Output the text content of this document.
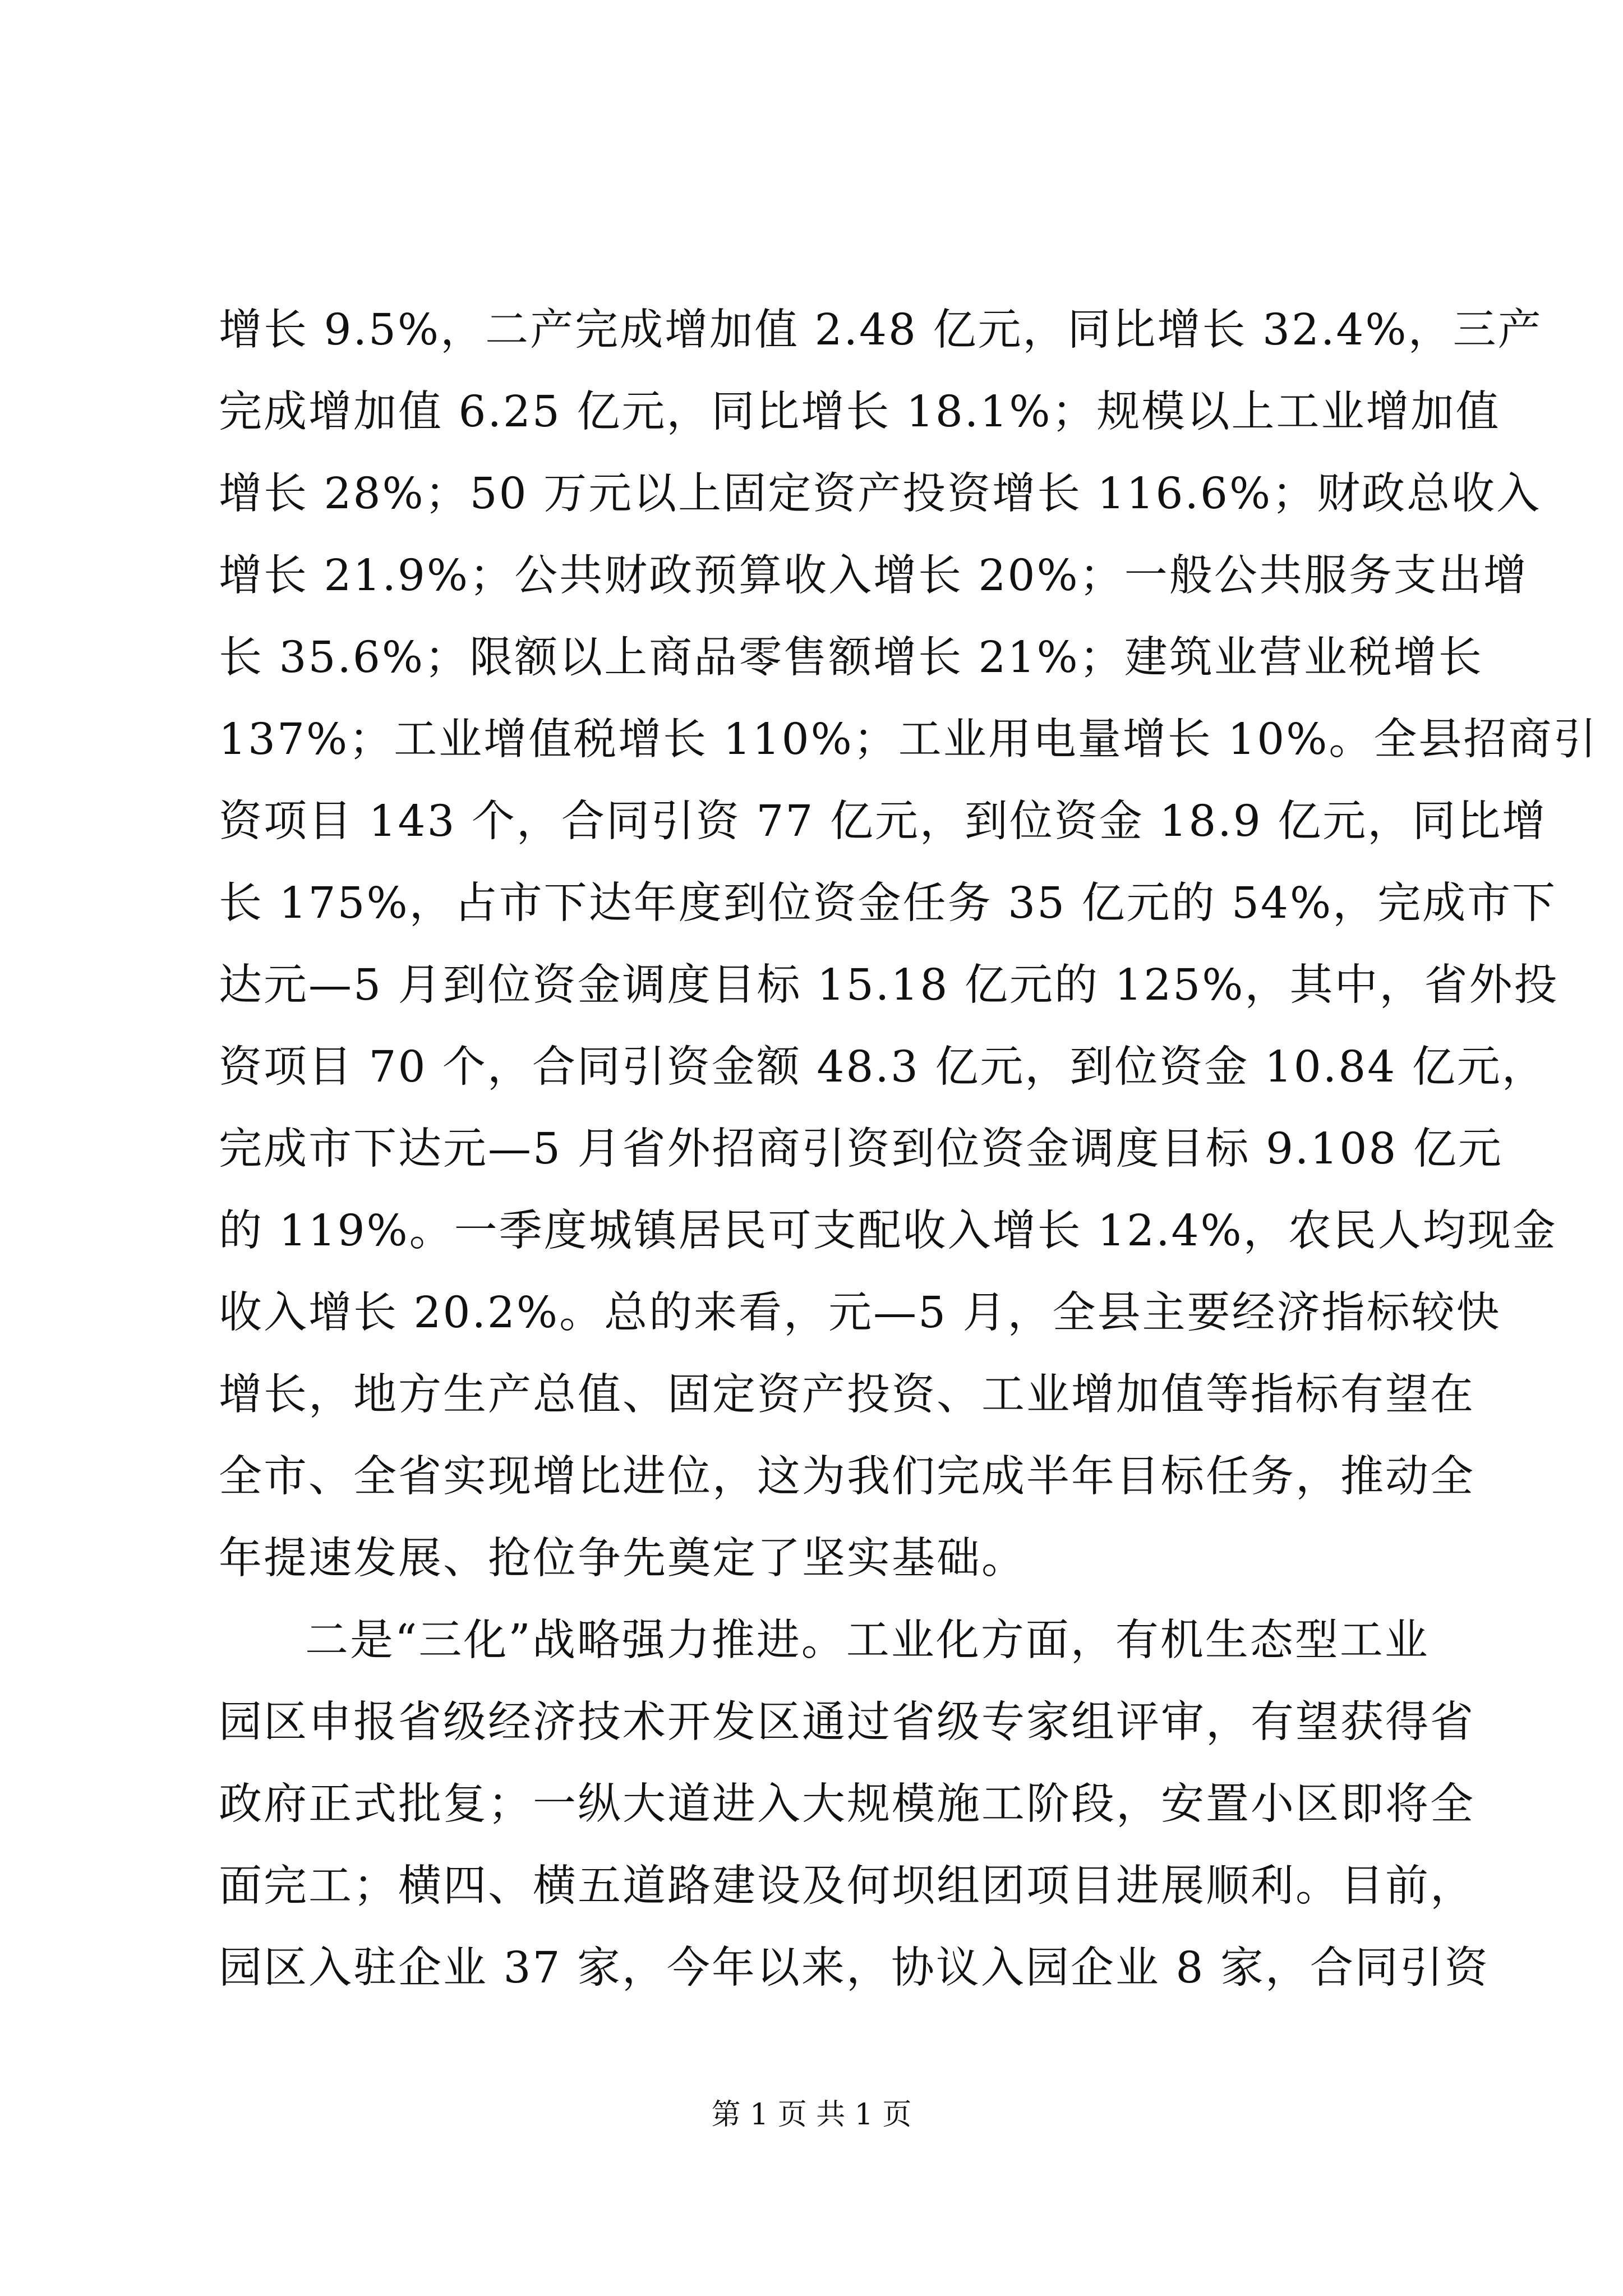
增长 9.5%，二产完成增加值 2.48 亿元，同比增长 32.4%，三产
完成增加值 6.25 亿元，同比增长 18.1%；规模以上工业增加值
增长 28%；50 万元以上固定资产投资增长 116.6%；财政总收入
增长 21.9%；公共财政预算收入增长 20%；一般公共服务支出增
长 35.6%；限额以上商品零售额增长 21%；建筑业营业税增长
137%；工业增值税增长 110%；工业用电量增长 10%。全县招商引
资项目 143 个，合同引资 77 亿元，到位资金 18.9 亿元，同比增
长 175%，占市下达年度到位资金任务 35 亿元的 54%，完成市下
达元—5 月到位资金调度目标 15.18 亿元的 125%，其中，省外投
资项目 70 个，合同引资金额 48.3 亿元，到位资金 10.84 亿元，
完成市下达元—5 月省外招商引资到位资金调度目标 9.108 亿元
的 119%。一季度城镇居民可支配收入增长 12.4%，农民人均现金
收入增长 20.2%。总的来看，元—5 月，全县主要经济指标较快
增长，地方生产总值、固定资产投资、工业增加值等指标有望在
全市、全省实现增比进位，这为我们完成半年目标任务，推动全
年提速发展、抢位争先奠定了坚实基础。
二是“三化”战略强力推进。工业化方面，有机生态型工业
园区申报省级经济技术开发区通过省级专家组评审，有望获得省
政府正式批复；一纵大道进入大规模施工阶段，安置小区即将全
面完工；横四、横五道路建设及何坝组团项目进展顺利。目前，
园区入驻企业 37 家，今年以来，协议入园企业 8 家，合同引资
第 1 页 共 1 页
